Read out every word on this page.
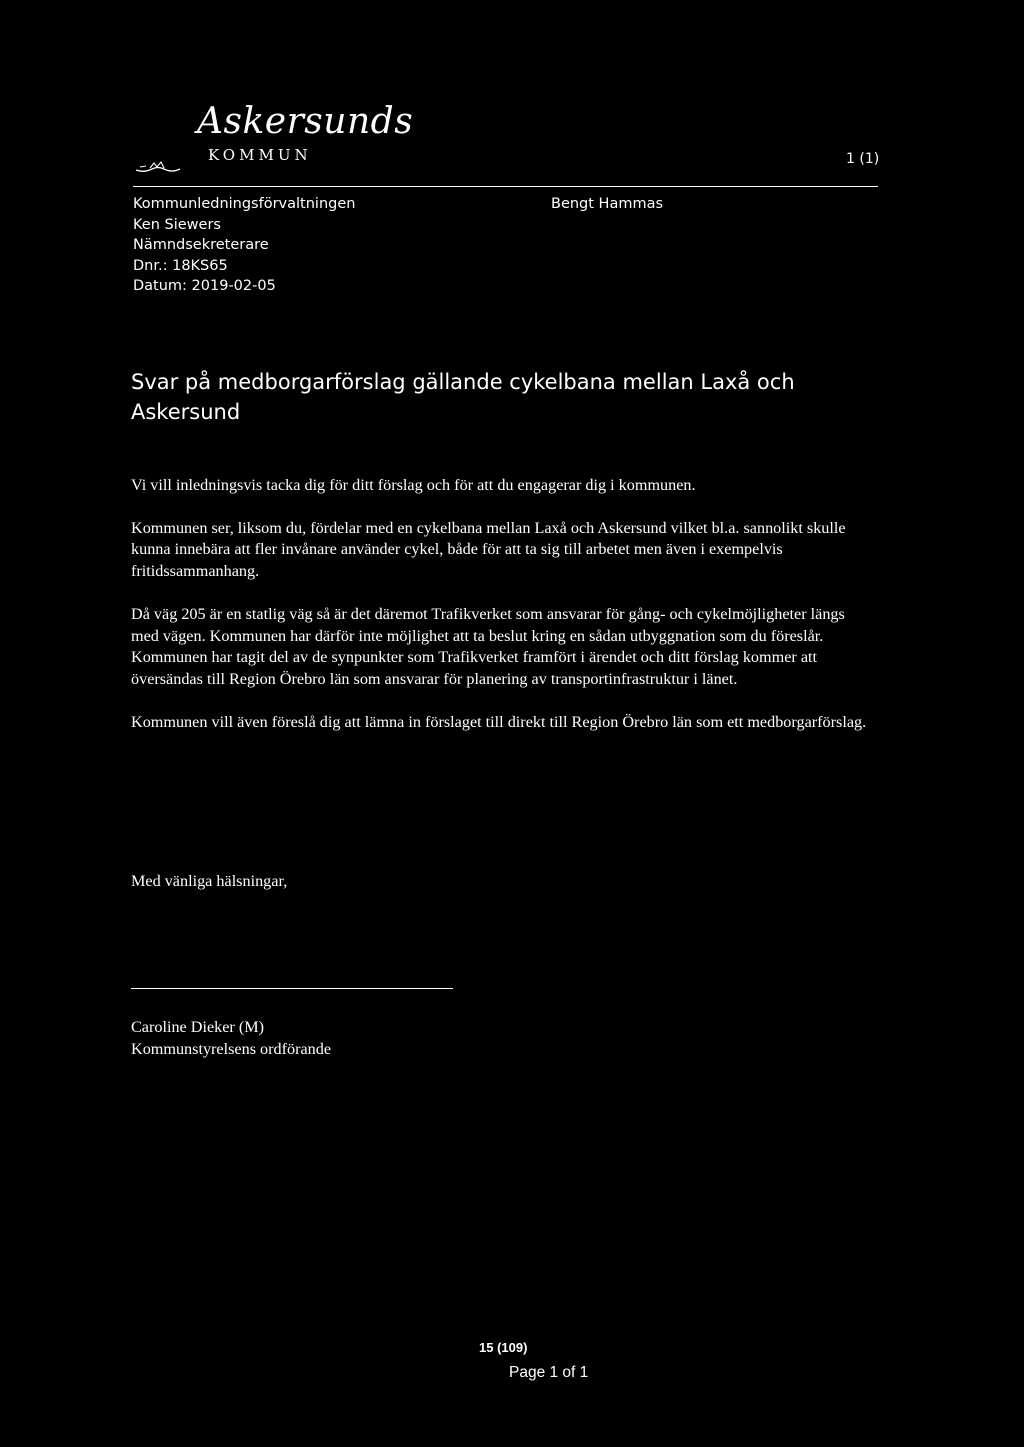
Askersunds
KOMMUN	1 (1)
Kommunledningsförvaltningen
Ken Siewers
Nämndsekreterare
Dnr.: 18KS65
Datum: 2019-02-05
Bengt Hammas
Svar på medborgarförslag gällande cykelbana mellan Laxå och Askersund

Vi vill inledningsvis tacka dig för ditt förslag och för att du engagerar dig i kommunen.

Kommunen ser, liksom du, fördelar med en cykelbana mellan Laxå och Askersund vilket bl.a. sannolikt skulle kunna innebära att fler invånare använder cykel, både för att ta sig till arbetet men även i exempelvis fritidssammanhang.

Då väg 205 är en statlig väg så är det däremot Trafikverket som ansvarar för gång- och cykelmöjligheter längs med vägen. Kommunen har därför inte möjlighet att ta beslut kring en sådan utbyggnation som du föreslår. Kommunen har tagit del av de synpunkter som Trafikverket framfört i ärendet och ditt förslag kommer att översändas till Region Örebro län som ansvarar för planering av transportinfrastruktur i länet.

Kommunen vill även föreslå dig att lämna in förslaget till direkt till Region Örebro län som ett medborgarförslag.

Med vänliga hälsningar,
Caroline Dieker (M)
Kommunstyrelsens ordförande
15 (109)
Page 1 of 1
